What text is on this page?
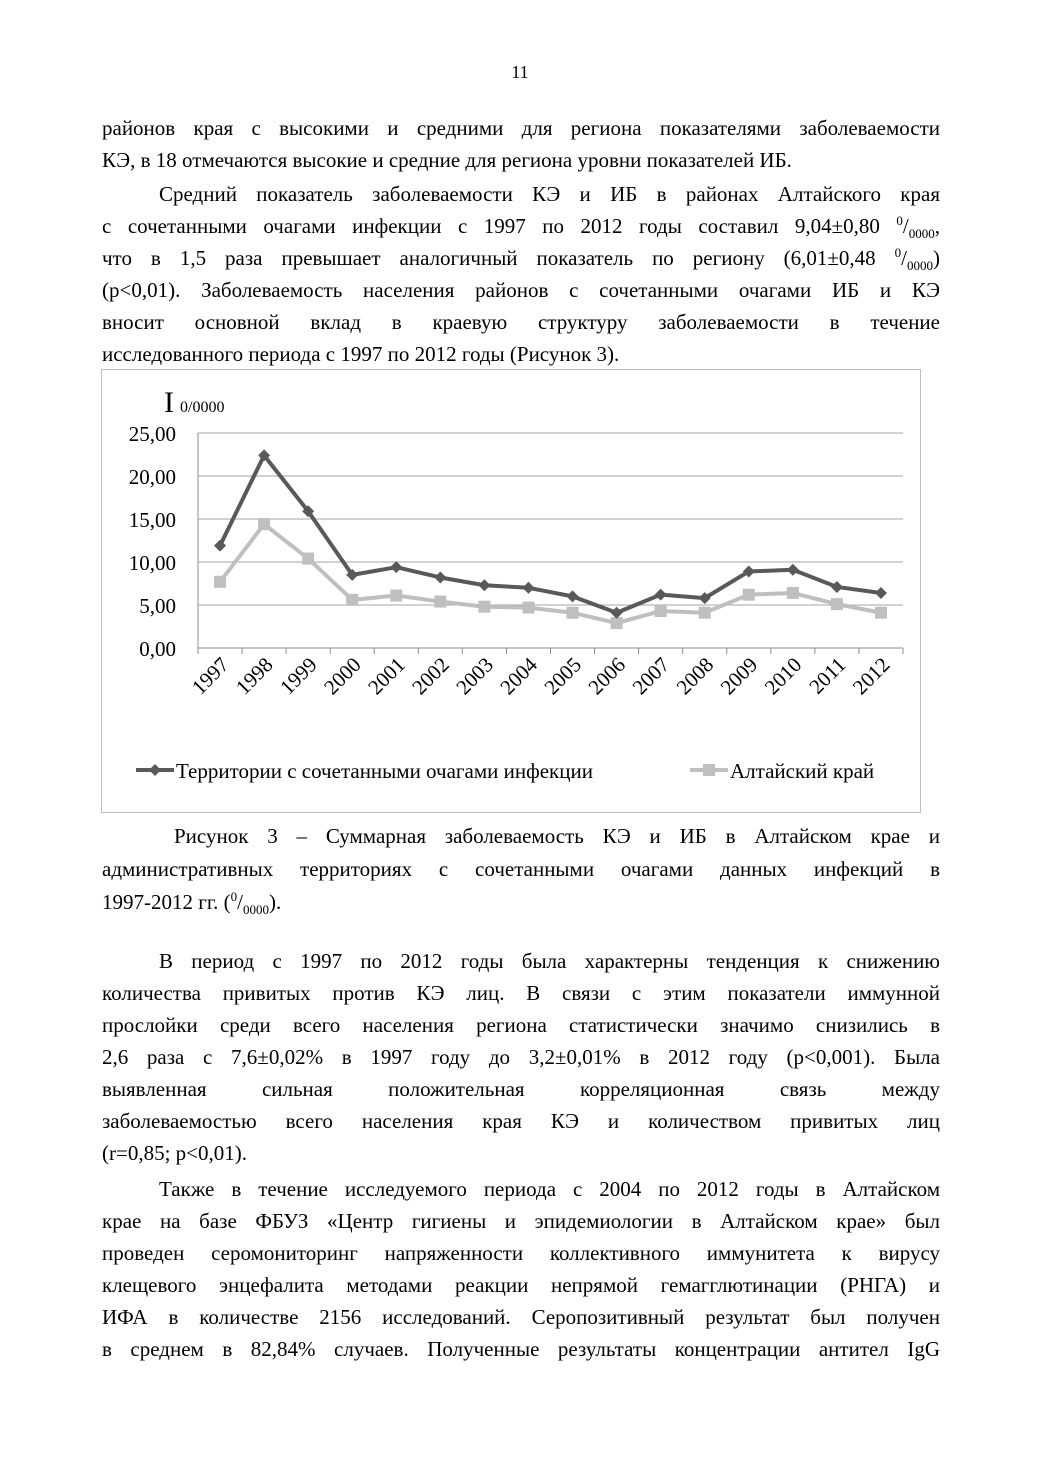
11

районов края с высокими и средними для региона показателями заболеваемости

КЭ, в 18 отмечаются высокие и средние для региона уровни показателей ИБ.

Средний показатель заболеваемости КЭ и ИБ в районах Алтайского края

с сочетанными очагами инфекции с 1997 по 2012 годы составил 9,04±0,80 $^0/_{0000}$,

что в 1,5 раза превышает аналогичный показатель по региону (6,01±0,48 $^0/_{0000}$)

(p<0,01). Заболеваемость населения районов с сочетанными очагами ИБ и КЭ

вносит основной вклад в краевую структуру заболеваемости в течение

исследованного периода с 1997 по 2012 годы (Рисунок 3).

I 0/0000
0,00
5,00
10,00
15,00
20,00
25,00
1997
1998
1999
2000
2001
2002
2003
2004
2005
2006
2007
2008
2009
2010
2011
2012
Территории с сочетанными очагами инфекции	Алтайский край

Рисунок 3 – Суммарная заболеваемость КЭ и ИБ в Алтайском крае и

административных территориях с сочетанными очагами данных инфекций в

1997-2012 гг. $(^0/_{0000})$.

В период с 1997 по 2012 годы была характерны тенденция к снижению

количества привитых против КЭ лиц. В связи с этим показатели иммунной

прослойки среди всего населения региона статистически значимо снизились в

2,6 раза с 7,6±0,02% в 1997 году до 3,2±0,01% в 2012 году (p<0,001). Была

выявленная сильная положительная корреляционная связь между

заболеваемостью всего населения края КЭ и количеством привитых лиц

(r=0,85; p<0,01).

Также в течение исследуемого периода с 2004 по 2012 годы в Алтайском

крае на базе ФБУЗ «Центр гигиены и эпидемиологии в Алтайском крае» был

проведен серомониторинг напряженности коллективного иммунитета к вирусу

клещевого энцефалита методами реакции непрямой гемагглютинации (РНГА) и

ИФА в количестве 2156 исследований. Серопозитивный результат был получен

в среднем в 82,84% случаев. Полученные результаты концентрации антител IgG
